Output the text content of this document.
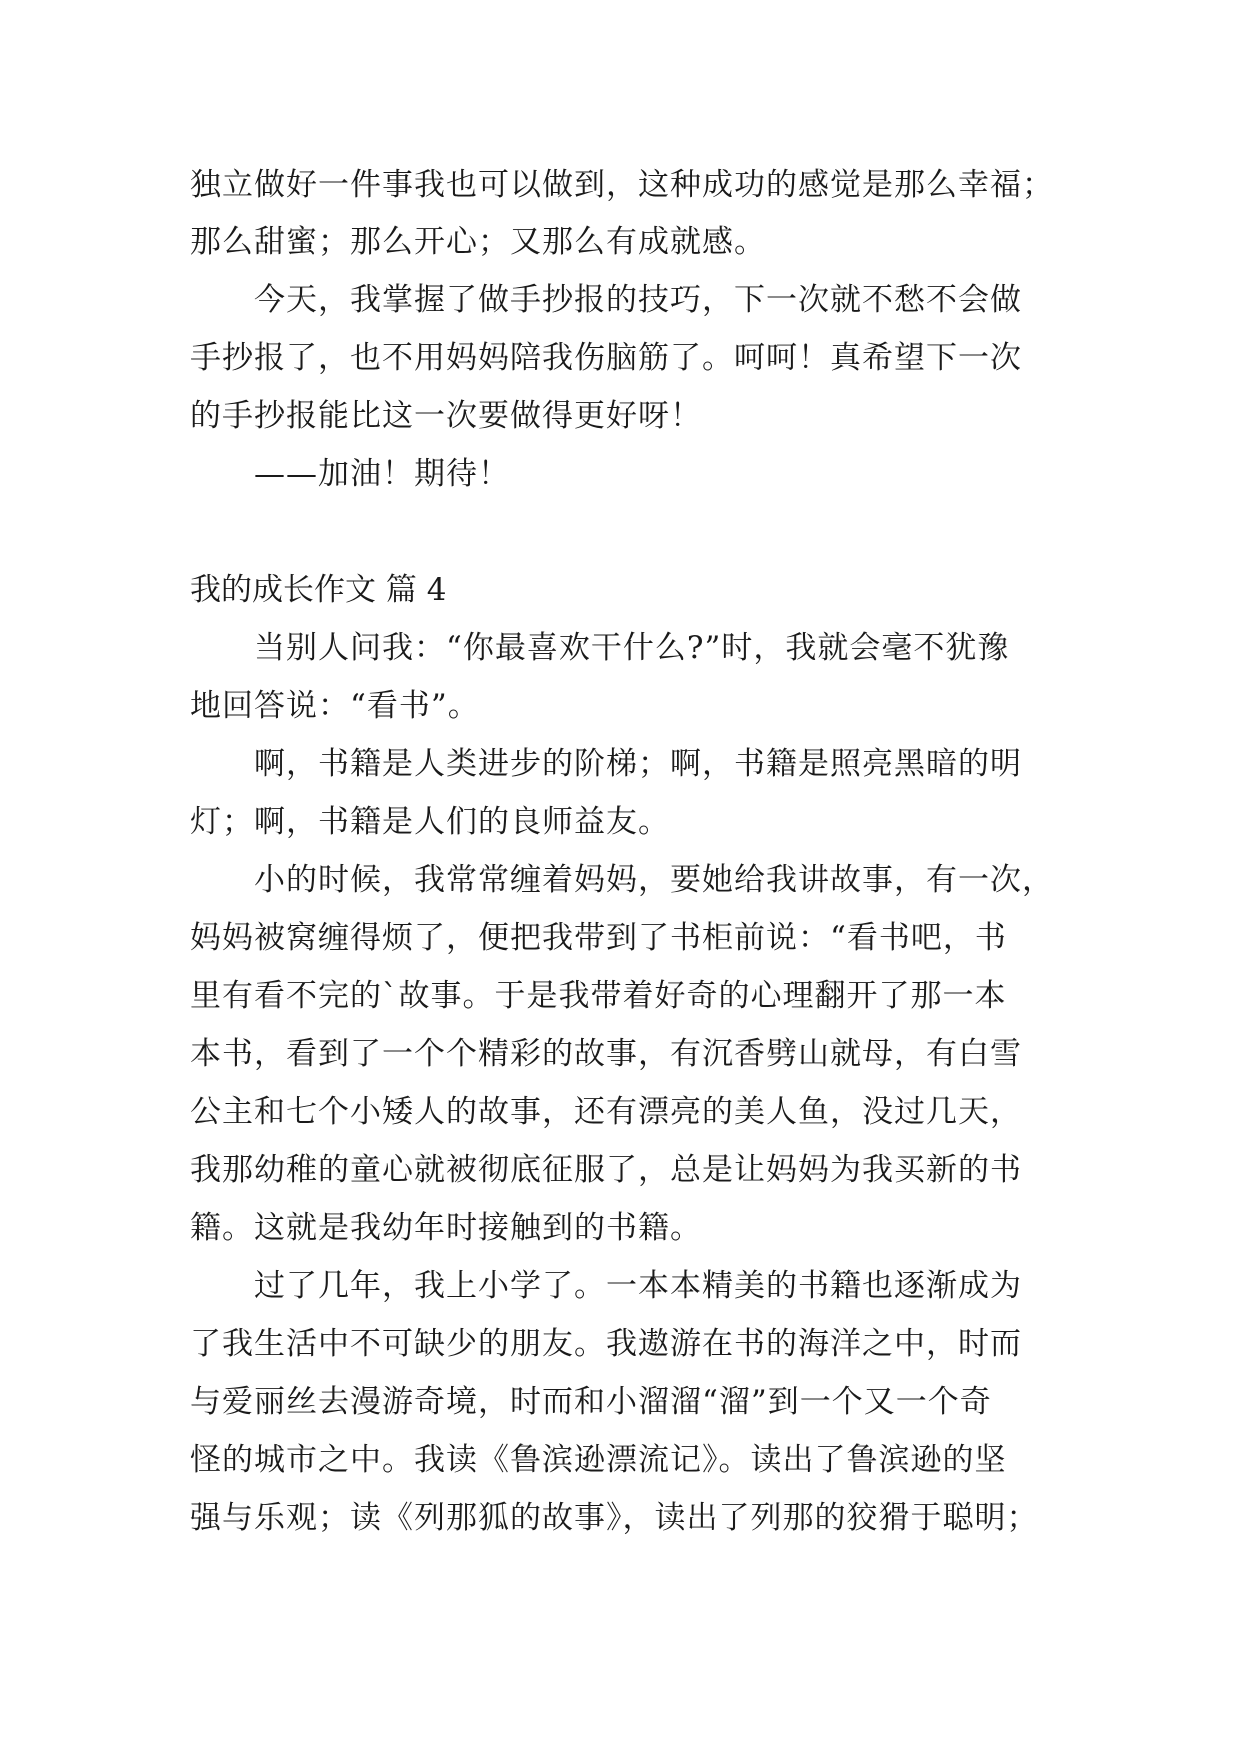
独立做好一件事我也可以做到，这种成功的感觉是那么幸福；
那么甜蜜；那么开心；又那么有成就感。
今天，我掌握了做手抄报的技巧，下一次就不愁不会做
手抄报了，也不用妈妈陪我伤脑筋了。呵呵！真希望下一次
的手抄报能比这一次要做得更好呀！
——加油！期待！
我的成长作文 篇 4
当别人问我：“你最喜欢干什么?”时，我就会毫不犹豫
地回答说：“看书”。
啊，书籍是人类进步的阶梯；啊，书籍是照亮黑暗的明
灯；啊，书籍是人们的良师益友。
小的时候，我常常缠着妈妈，要她给我讲故事，有一次，
妈妈被窝缠得烦了，便把我带到了书柜前说：“看书吧，书
里有看不完的`故事。于是我带着好奇的心理翻开了那一本
本书，看到了一个个精彩的故事，有沉香劈山就母，有白雪
公主和七个小矮人的故事，还有漂亮的美人鱼，没过几天，
我那幼稚的童心就被彻底征服了，总是让妈妈为我买新的书
籍。这就是我幼年时接触到的书籍。
过了几年，我上小学了。一本本精美的书籍也逐渐成为
了我生活中不可缺少的朋友。我遨游在书的海洋之中，时而
与爱丽丝去漫游奇境，时而和小溜溜“溜”到一个又一个奇
怪的城市之中。我读《鲁滨逊漂流记》。读出了鲁滨逊的坚
强与乐观；读《列那狐的故事》，读出了列那的狡猾于聪明；
